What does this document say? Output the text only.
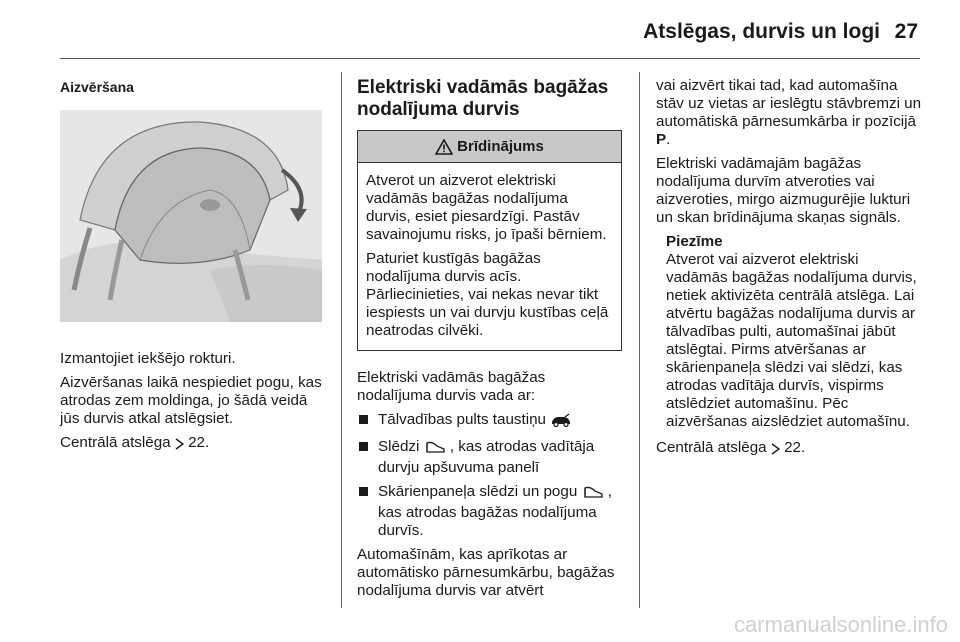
Atslēgas, durvis un logi 27
Aizvēršana

Izmantojiet iekšējo rokturi.

Aizvēršanas laikā nespiediet pogu, kas atrodas zem moldinga, jo šādā veidā jūs durvis atkal atslēgsiet.

Centrālā atslēga 22.

Elektriski vadāmās bagāžas nodalījuma durvis
Brīdinājums

Atverot un aizverot elektriski vadāmās bagāžas nodalījuma durvis, esiet piesardzīgi. Pastāv savainojumu risks, jo īpaši bērniem.

Paturiet kustīgās bagāžas nodalījuma durvis acīs. Pārliecinieties, vai nekas nevar tikt iespiests un vai durvju kustības ceļā neatrodas cilvēki.

Elektriski vadāmās bagāžas nodalījuma durvis vada ar:

Tālvadības pults taustiņu
Slēdzi , kas atrodas vadītāja durvju apšuvuma panelī
Skārienpaneļa slēdzi un pogu , kas atrodas bagāžas nodalījuma durvīs.

Automašīnām, kas aprīkotas ar automātisko pārnesumkārbu, bagāžas nodalījuma durvis var atvērt

vai aizvērt tikai tad, kad automašīna stāv uz vietas ar ieslēgtu stāvbremzi un automātiskā pārnesumkārba ir pozīcijā P.

Elektriski vadāmajām bagāžas nodalījuma durvīm atveroties vai aizveroties, mirgo aizmugurējie lukturi un skan brīdinājuma skaņas signāls.

Piezīme
Atverot vai aizverot elektriski vadāmās bagāžas nodalījuma durvis, netiek aktivizēta centrālā atslēga. Lai atvērtu bagāžas nodalījuma durvis ar tālvadības pulti, automašīnai jābūt atslēgtai. Pirms atvēršanas ar skārienpaneļa slēdzi vai slēdzi, kas atrodas vadītāja durvīs, vispirms atslēdziet automašīnu. Pēc aizvēršanas aizslēdziet automašīnu.

Centrālā atslēga 22.

carmanualsonline.info
